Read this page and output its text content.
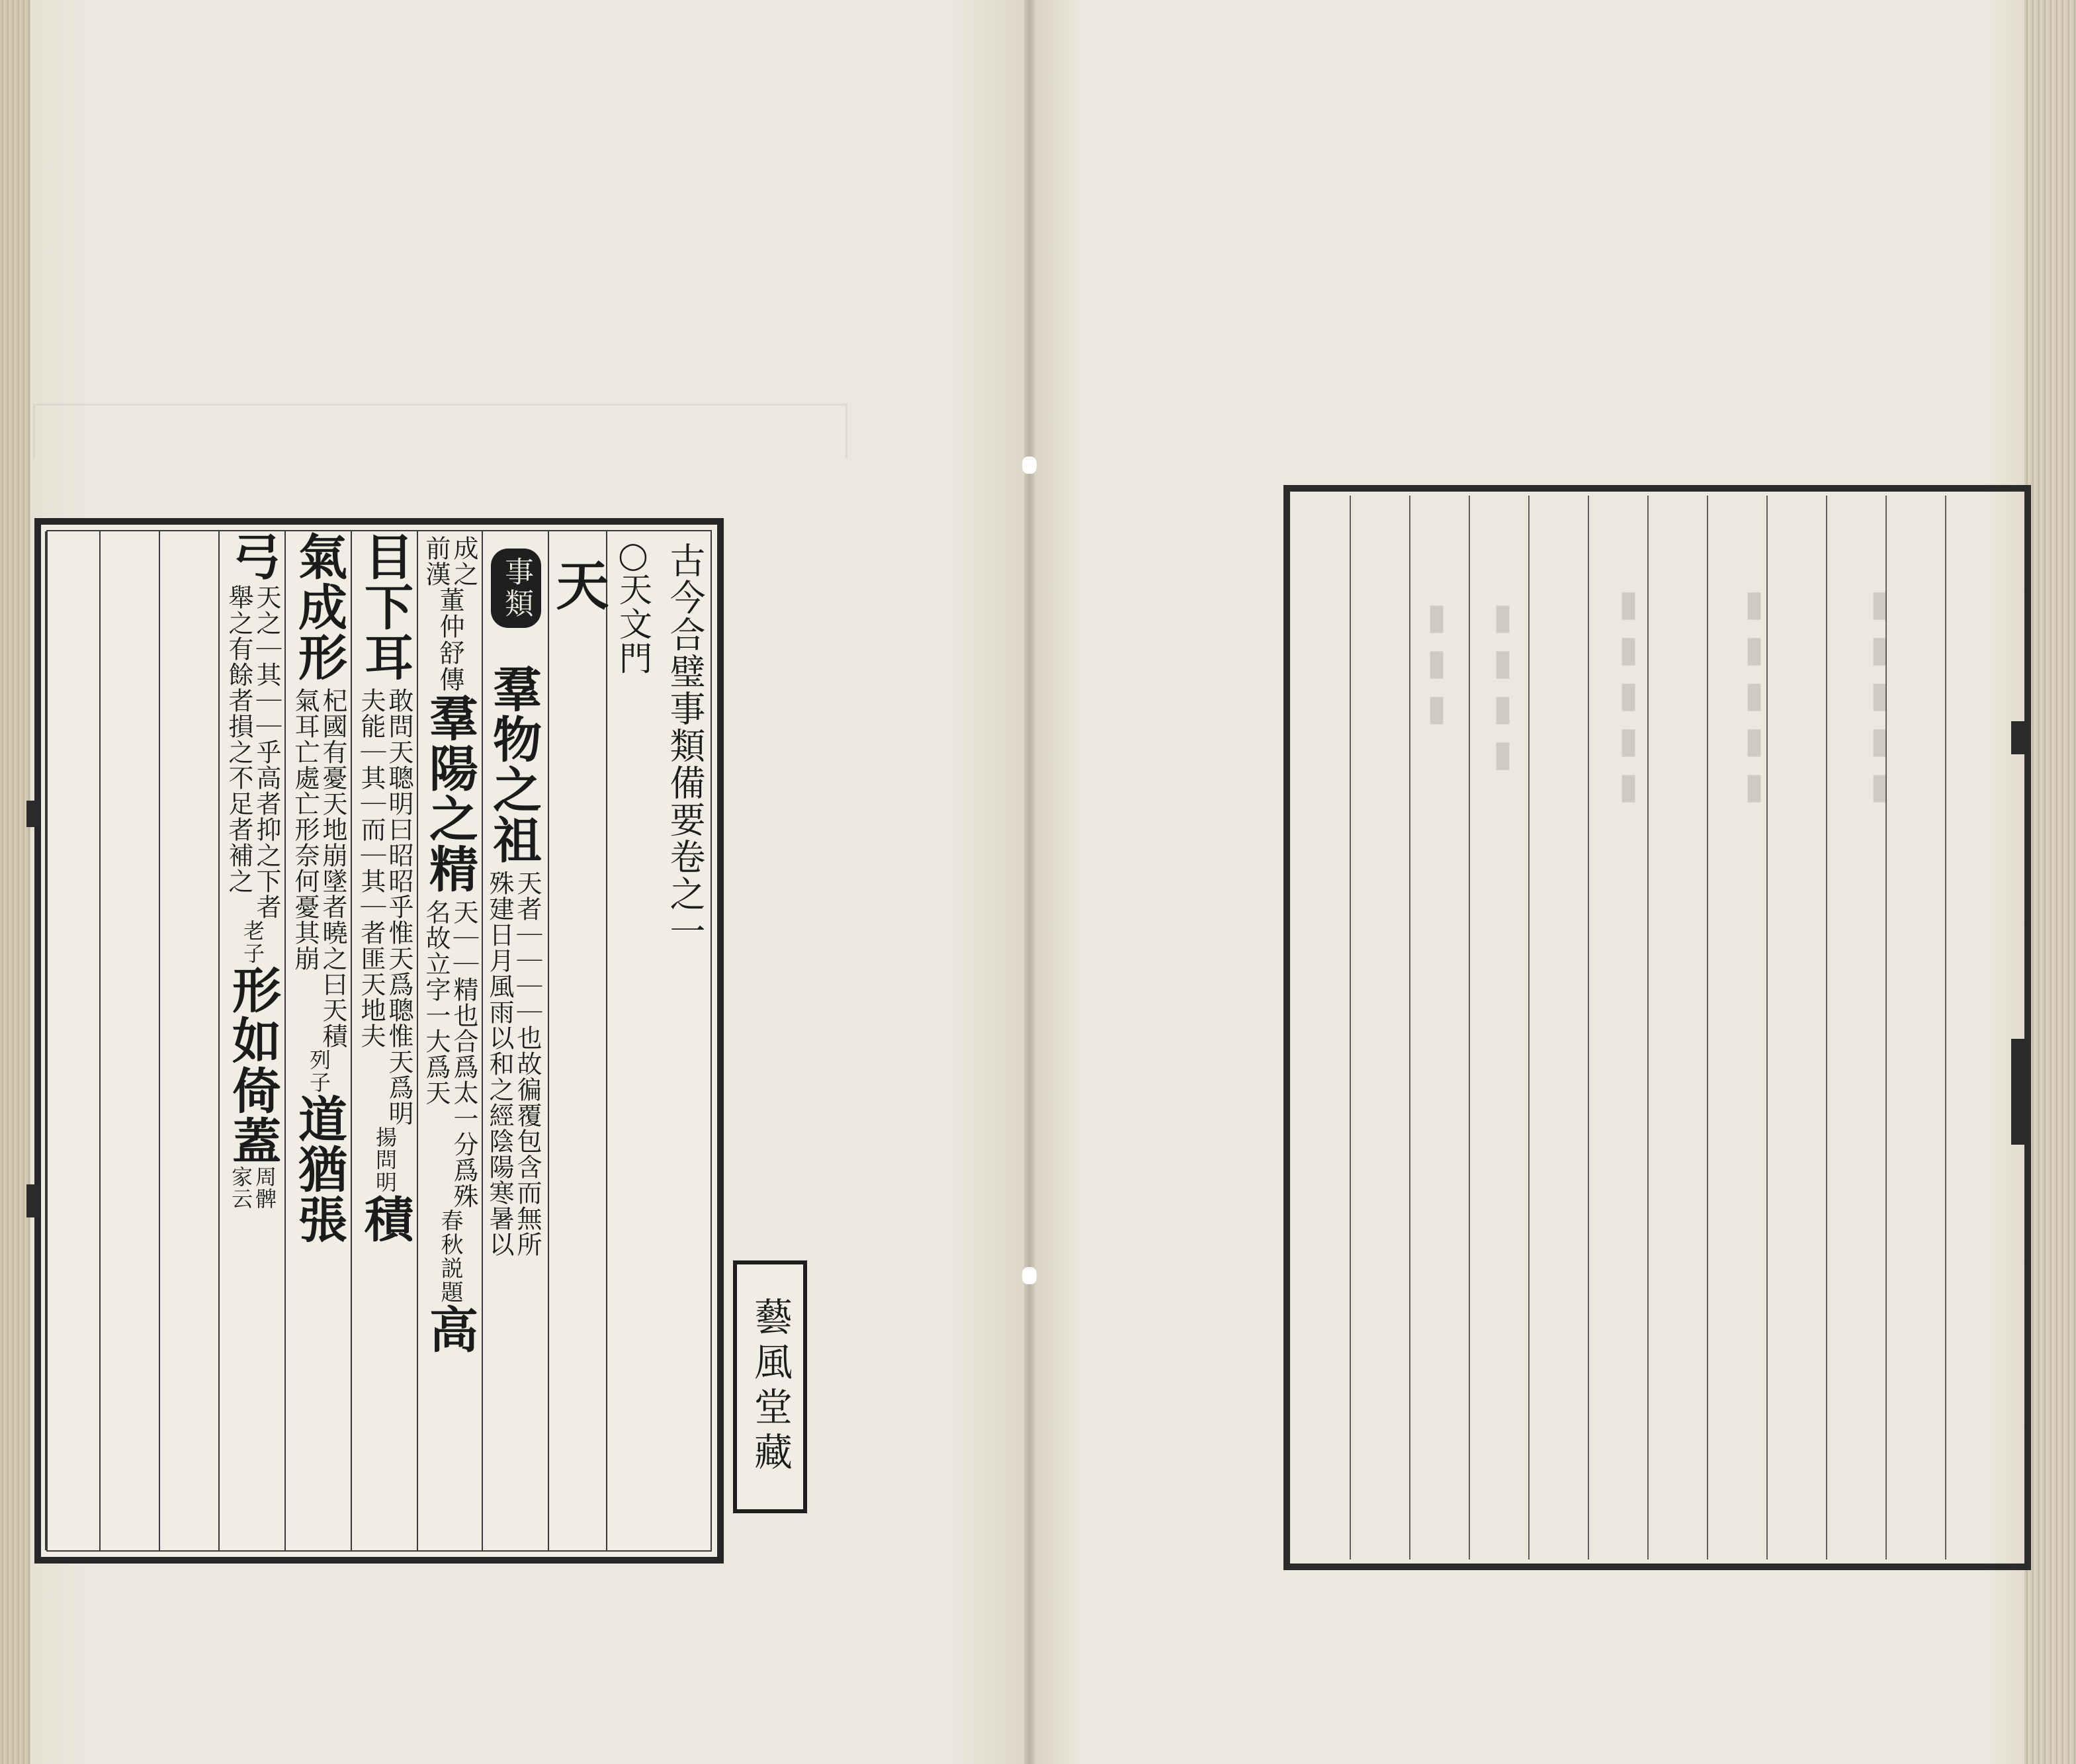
古今合璧事類備要卷之一
◯
天文門
天
事類
羣物之祖
天者｜｜｜｜也故徧覆包含而無所
殊建日月風雨以和之經陰陽寒暑以
成之
前漢
董仲舒傳
羣陽之精
天｜｜精也合爲太一分爲殊
名故立字一大爲天
春秋説題
高
目下耳
敢問天聰明曰昭昭乎惟天爲聰惟天爲明
夫能｜其｜而｜其｜者匪天地夫
揚問明
積
氣成形
杞國有憂天地崩墜者曉之曰天積
氣耳亡處亡形奈何憂其崩
列子
道猶張
弓
天之｜其｜｜乎高者抑之下者
舉之有餘者損之不足者補之
老子
形如倚蓋
周髀
家云
藝風堂藏
▮▮▮ ▮▮▮▮ ▮▮▮▮▮ ▮▮▮▮▮ ▮▮▮▮▮
